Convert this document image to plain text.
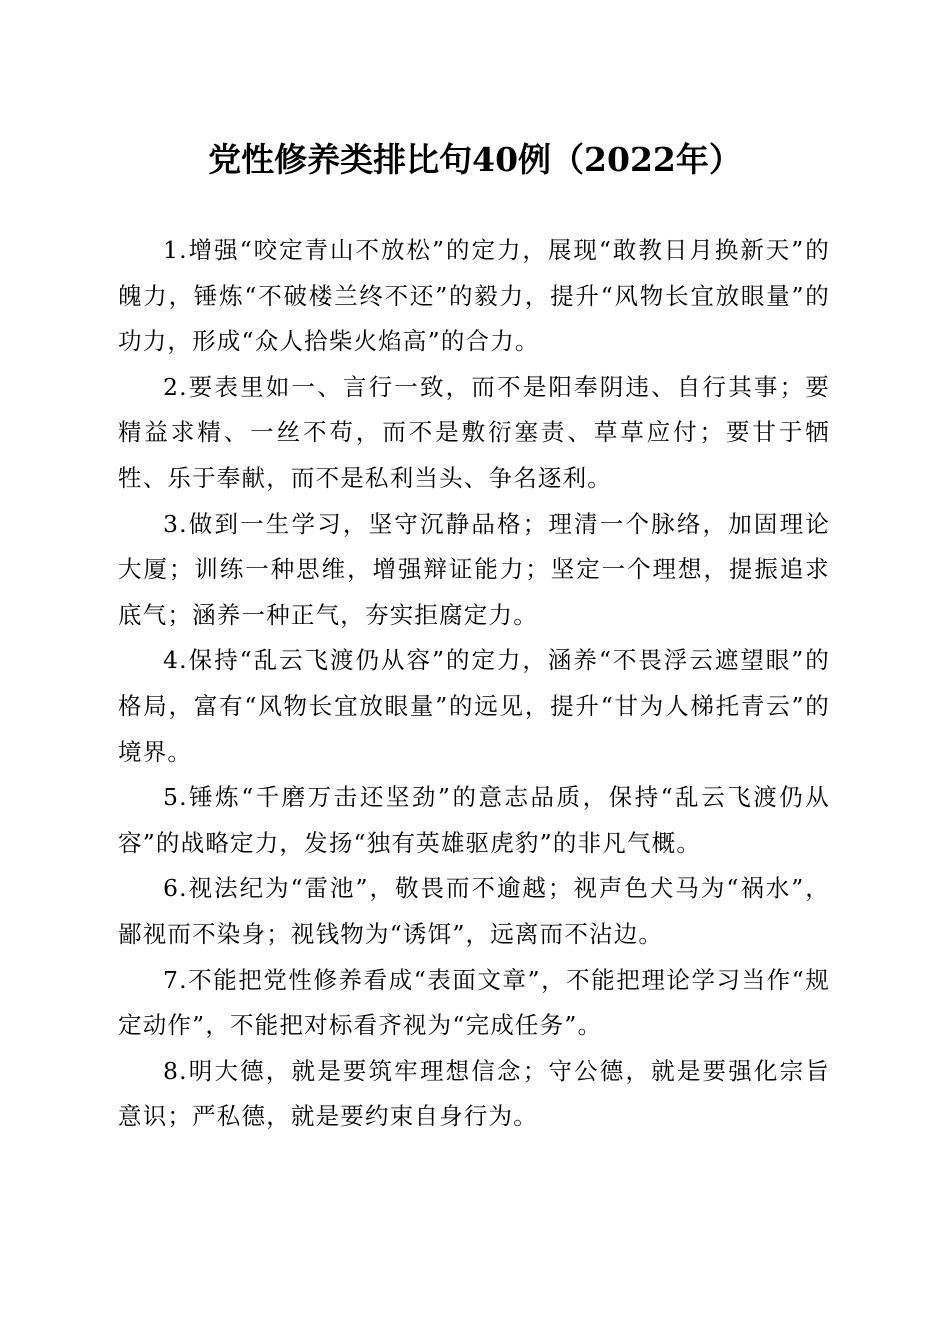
党性修养类排比句40例（2022年）

1.增强“咬定青山不放松”的定力，展现“敢教日月换新天”的魄力，锤炼“不破楼兰终不还”的毅力，提升“风物长宜放眼量”的功力，形成“众人拾柴火焰高”的合力。

2.要表里如一、言行一致，而不是阳奉阴违、自行其事；要精益求精、一丝不苟，而不是敷衍塞责、草草应付；要甘于牺牲、乐于奉献，而不是私利当头、争名逐利。

3.做到一生学习，坚守沉静品格；理清一个脉络，加固理论大厦；训练一种思维，增强辩证能力；坚定一个理想，提振追求底气；涵养一种正气，夯实拒腐定力。

4.保持“乱云飞渡仍从容”的定力，涵养“不畏浮云遮望眼”的格局，富有“风物长宜放眼量”的远见，提升“甘为人梯托青云”的境界。

5.锤炼“千磨万击还坚劲”的意志品质，保持“乱云飞渡仍从容”的战略定力，发扬“独有英雄驱虎豹”的非凡气概。

6.视法纪为“雷池”，敬畏而不逾越；视声色犬马为“祸水”，鄙视而不染身；视钱物为“诱饵”，远离而不沾边。

7.不能把党性修养看成“表面文章”，不能把理论学习当作“规定动作”，不能把对标看齐视为“完成任务”。

8.明大德，就是要筑牢理想信念；守公德，就是要强化宗旨意识；严私德，就是要约束自身行为。
